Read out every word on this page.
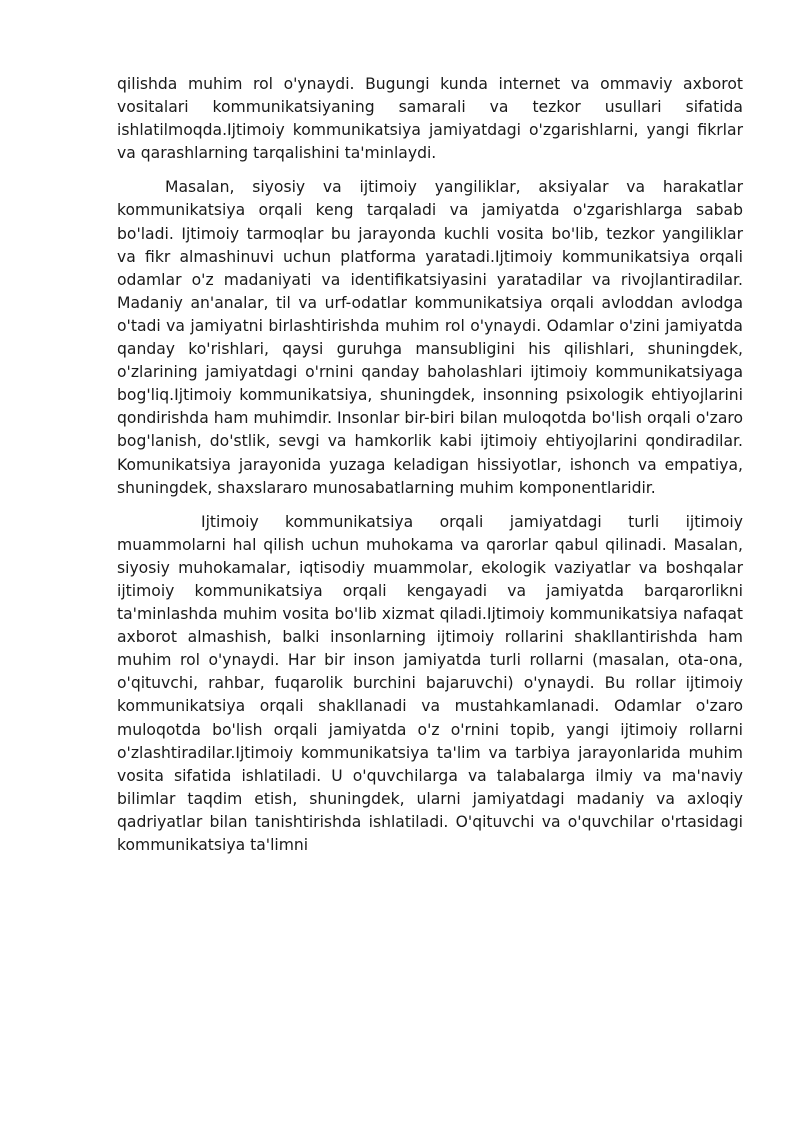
qilishda muhim rol o'ynaydi. Bugungi kunda internet va ommaviy axborot vositalari kommunikatsiyaning samarali va tezkor usullari sifatida ishlatilmoqda.Ijtimoiy kommunikatsiya jamiyatdagi o'zgarishlarni, yangi fikrlar va qarashlarning tarqalishini ta'minlaydi.

Masalan, siyosiy va ijtimoiy yangiliklar, aksiyalar va harakatlar kommunikatsiya orqali keng tarqaladi va jamiyatda o'zgarishlarga sabab bo'ladi. Ijtimoiy tarmoqlar bu jarayonda kuchli vosita bo'lib, tezkor yangiliklar va fikr almashinuvi uchun platforma yaratadi.Ijtimoiy kommunikatsiya orqali odamlar o'z madaniyati va identifikatsiyasini yaratadilar va rivojlantiradilar. Madaniy an'analar, til va urf-odatlar kommunikatsiya orqali avloddan avlodga o'tadi va jamiyatni birlashtirishda muhim rol o'ynaydi. Odamlar o'zini jamiyatda qanday ko'rishlari, qaysi guruhga mansubligini his qilishlari, shuningdek, o'zlarining jamiyatdagi o'rnini qanday baholashlari ijtimoiy kommunikatsiyaga bog'liq.Ijtimoiy kommunikatsiya, shuningdek, insonning psixologik ehtiyojlarini qondirishda ham muhimdir. Insonlar bir-biri bilan muloqotda bo'lish orqali o'zaro bog'lanish, do'stlik, sevgi va hamkorlik kabi ijtimoiy ehtiyojlarini qondiradilar. Komunikatsiya jarayonida yuzaga keladigan hissiyotlar, ishonch va empatiya, shuningdek, shaxslararo munosabatlarning muhim komponentlaridir.

Ijtimoiy kommunikatsiya orqali jamiyatdagi turli ijtimoiy muammolarni hal qilish uchun muhokama va qarorlar qabul qilinadi. Masalan, siyosiy muhokamalar, iqtisodiy muammolar, ekologik vaziyatlar va boshqalar ijtimoiy kommunikatsiya orqali kengayadi va jamiyatda barqarorlikni ta'minlashda muhim vosita bo'lib xizmat qiladi.Ijtimoiy kommunikatsiya nafaqat axborot almashish, balki insonlarning ijtimoiy rollarini shakllantirishda ham muhim rol o'ynaydi. Har bir inson jamiyatda turli rollarni (masalan, ota-ona, o'qituvchi, rahbar, fuqarolik burchini bajaruvchi) o'ynaydi. Bu rollar ijtimoiy kommunikatsiya orqali shakllanadi va mustahkamlanadi. Odamlar o'zaro muloqotda bo'lish orqali jamiyatda o'z o'rnini topib, yangi ijtimoiy rollarni o'zlashtiradilar.Ijtimoiy kommunikatsiya ta'lim va tarbiya jarayonlarida muhim vosita sifatida ishlatiladi. U o'quvchilarga va talabalarga ilmiy va ma'naviy bilimlar taqdim etish, shuningdek, ularni jamiyatdagi madaniy va axloqiy qadriyatlar bilan tanishtirishda ishlatiladi. O'qituvchi va o'quvchilar o'rtasidagi kommunikatsiya ta'limni
